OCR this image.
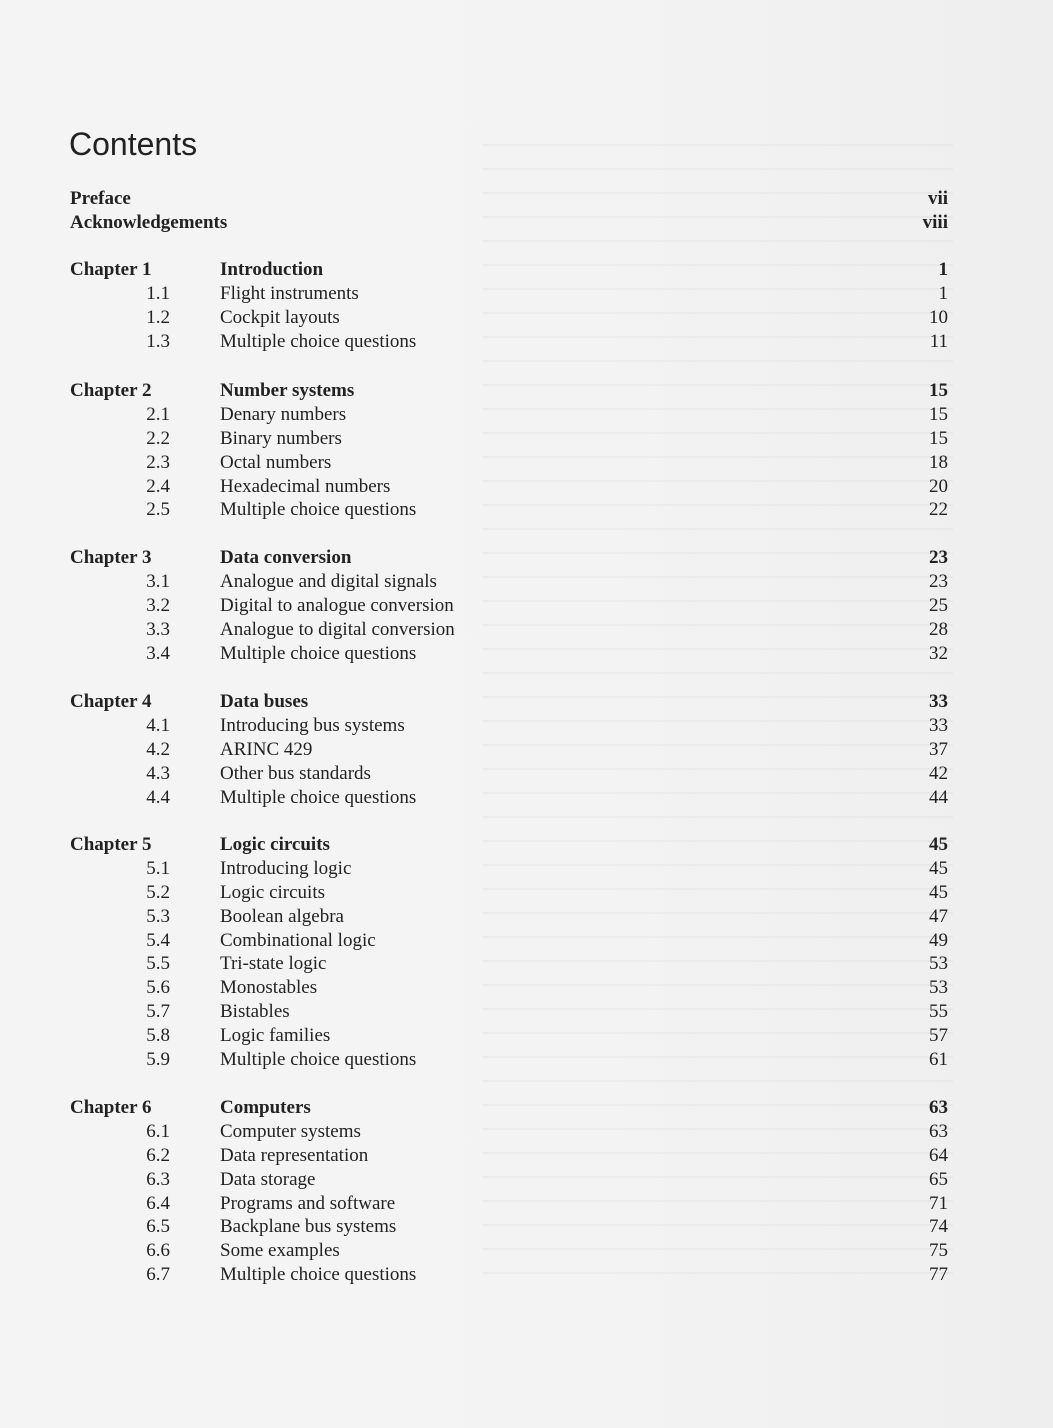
Contents
Preface	vii
Acknowledgements	viii
Chapter 1	Introduction	1
1.1	Flight instruments	1
1.2	Cockpit layouts	10
1.3	Multiple choice questions	11
Chapter 2	Number systems	15
2.1	Denary numbers	15
2.2	Binary numbers	15
2.3	Octal numbers	18
2.4	Hexadecimal numbers	20
2.5	Multiple choice questions	22
Chapter 3	Data conversion	23
3.1	Analogue and digital signals	23
3.2	Digital to analogue conversion	25
3.3	Analogue to digital conversion	28
3.4	Multiple choice questions	32
Chapter 4	Data buses	33
4.1	Introducing bus systems	33
4.2	ARINC 429	37
4.3	Other bus standards	42
4.4	Multiple choice questions	44
Chapter 5	Logic circuits	45
5.1	Introducing logic	45
5.2	Logic circuits	45
5.3	Boolean algebra	47
5.4	Combinational logic	49
5.5	Tri-state logic	53
5.6	Monostables	53
5.7	Bistables	55
5.8	Logic families	57
5.9	Multiple choice questions	61
Chapter 6	Computers	63
6.1	Computer systems	63
6.2	Data representation	64
6.3	Data storage	65
6.4	Programs and software	71
6.5	Backplane bus systems	74
6.6	Some examples	75
6.7	Multiple choice questions	77
